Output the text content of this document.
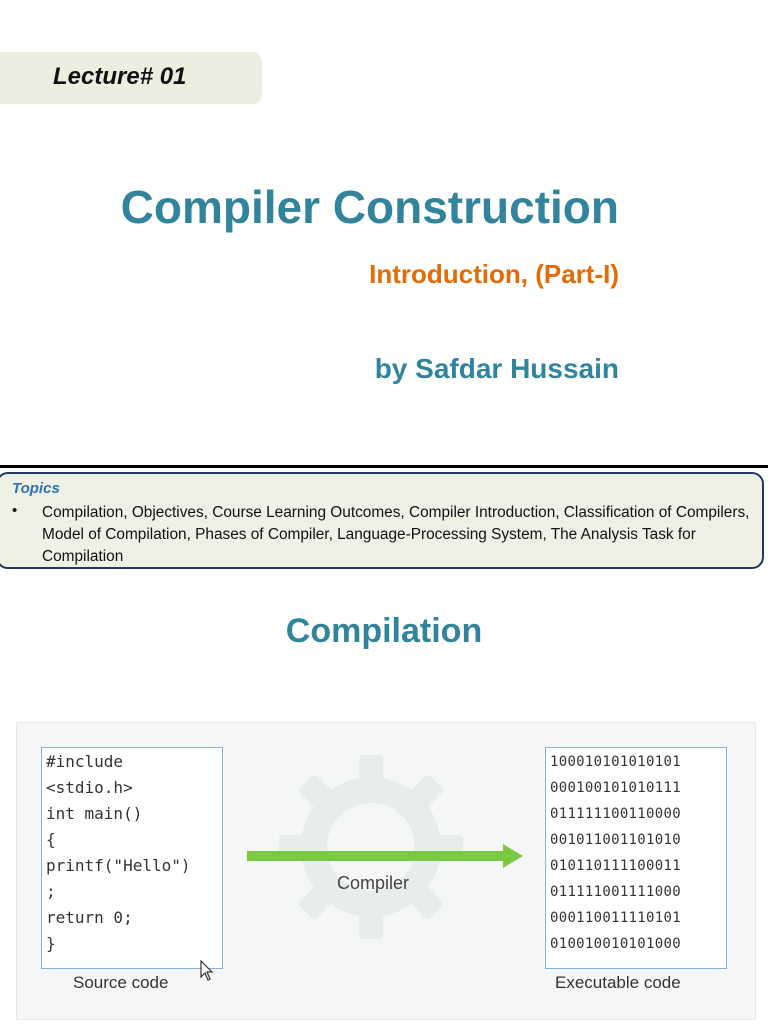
Lecture# 01
Compiler Construction
Introduction, (Part-I)
by Safdar Hussain
Topics
• Compilation, Objectives, Course Learning Outcomes, Compiler Introduction, Classification of Compilers, Model of Compilation, Phases of Compiler, Language-Processing System, The Analysis Task for Compilation
Compilation
#include
<stdio.h>
int main()
{
printf("Hello")
;
return 0;
}
Source code
Compiler
100010101010101
000100101010111
011111100110000
001011001101010
010110111100011
011111001111000
000110011110101
010010010101000
Executable code
